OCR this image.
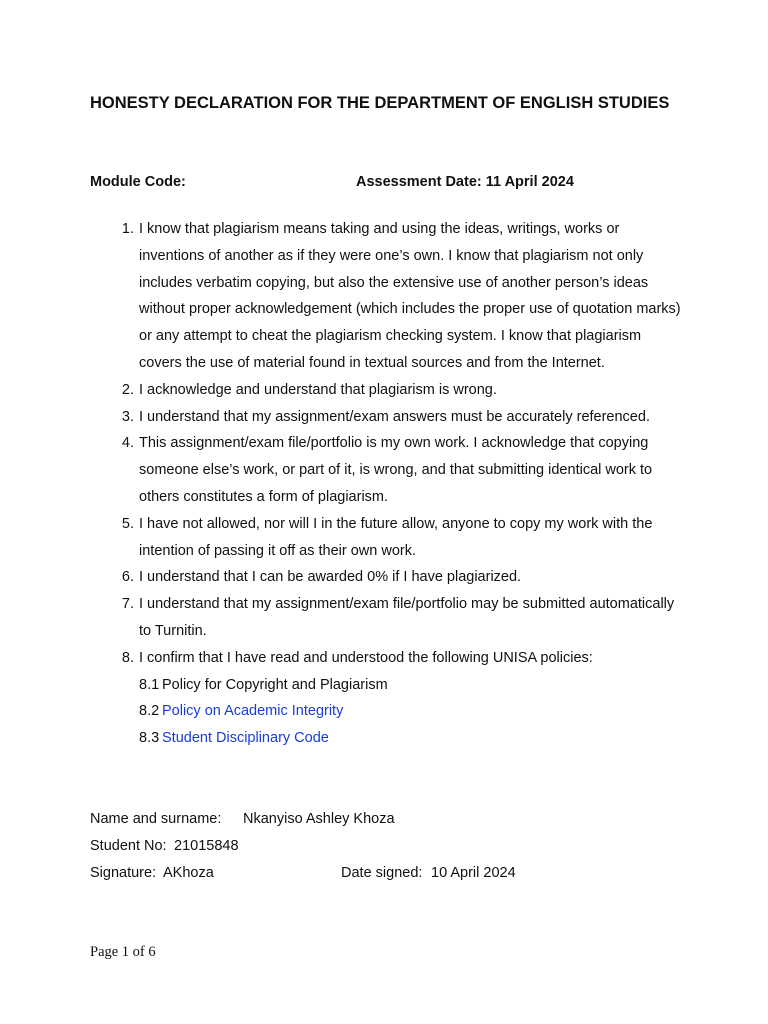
HONESTY DECLARATION FOR THE DEPARTMENT OF ENGLISH STUDIES
Module Code:	Assessment Date: 11 April 2024
1. I know that plagiarism means taking and using the ideas, writings, works or inventions of another as if they were one’s own. I know that plagiarism not only includes verbatim copying, but also the extensive use of another person’s ideas without proper acknowledgement (which includes the proper use of quotation marks) or any attempt to cheat the plagiarism checking system. I know that plagiarism covers the use of material found in textual sources and from the Internet.
2. I acknowledge and understand that plagiarism is wrong.
3. I understand that my assignment/exam answers must be accurately referenced.
4. This assignment/exam file/portfolio is my own work. I acknowledge that copying someone else’s work, or part of it, is wrong, and that submitting identical work to others constitutes a form of plagiarism.
5. I have not allowed, nor will I in the future allow, anyone to copy my work with the intention of passing it off as their own work.
6. I understand that I can be awarded 0% if I have plagiarized.
7. I understand that my assignment/exam file/portfolio may be submitted automatically to Turnitin.
8. I confirm that I have read and understood the following UNISA policies:
8.1 Policy for Copyright and Plagiarism
8.2 Policy on Academic Integrity
8.3 Student Disciplinary Code
Name and surname: Nkanyiso Ashley Khoza
Student No: 21015848
Signature: AKhoza	Date signed: 10 April 2024
Page 1 of 6
